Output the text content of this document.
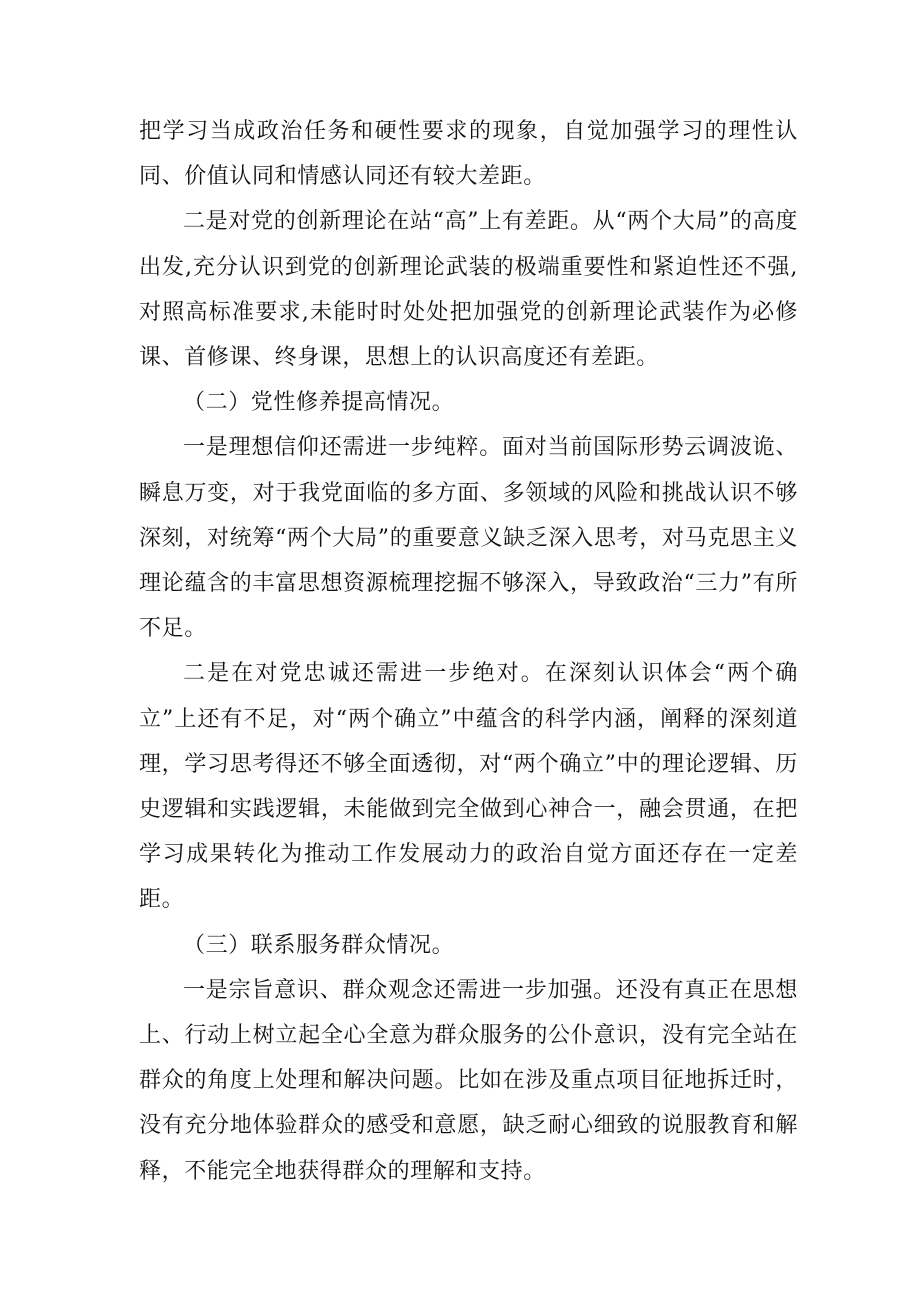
把学习当成政治任务和硬性要求的现象，自觉加强学习的理性认同、价值认同和情感认同还有较大差距。

二是对党的创新理论在站“高”上有差距。从“两个大局”的高度出发,充分认识到党的创新理论武装的极端重要性和紧迫性还不强,对照高标准要求,未能时时处处把加强党的创新理论武装作为必修课、首修课、终身课，思想上的认识高度还有差距。

（二）党性修养提高情况。

一是理想信仰还需进一步纯粹。面对当前国际形势云调波诡、瞬息万变，对于我党面临的多方面、多领域的风险和挑战认识不够深刻，对统筹“两个大局”的重要意义缺乏深入思考，对马克思主义理论蕴含的丰富思想资源梳理挖掘不够深入，导致政治“三力”有所不足。

二是在对党忠诚还需进一步绝对。在深刻认识体会“两个确立”上还有不足，对“两个确立”中蕴含的科学内涵，阐释的深刻道理，学习思考得还不够全面透彻，对“两个确立”中的理论逻辑、历史逻辑和实践逻辑，未能做到完全做到心神合一，融会贯通，在把学习成果转化为推动工作发展动力的政治自觉方面还存在一定差距。

（三）联系服务群众情况。

一是宗旨意识、群众观念还需进一步加强。还没有真正在思想上、行动上树立起全心全意为群众服务的公仆意识，没有完全站在群众的角度上处理和解决问题。比如在涉及重点项目征地拆迁时，没有充分地体验群众的感受和意愿，缺乏耐心细致的说服教育和解释，不能完全地获得群众的理解和支持。
